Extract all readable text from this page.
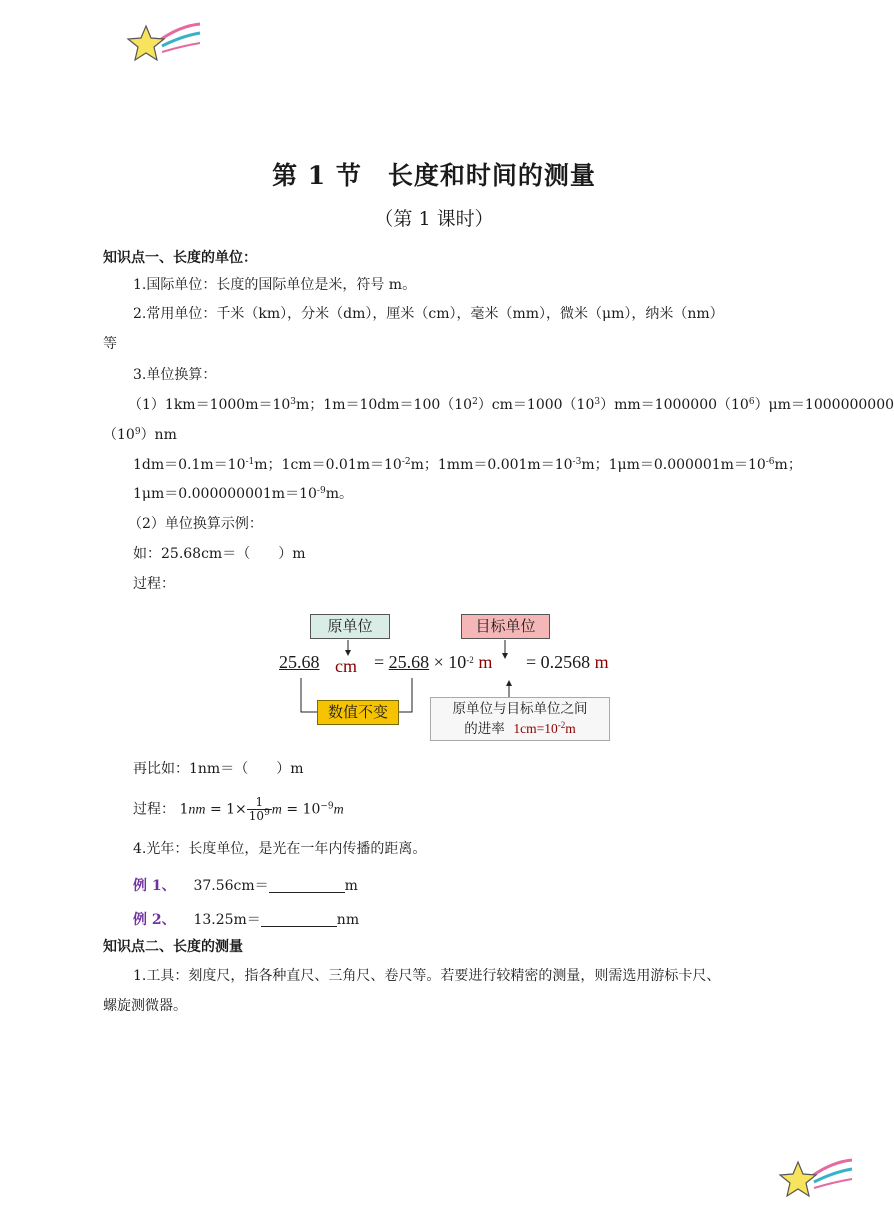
第 1 节　长度和时间的测量
（第 1 课时）
知识点一、长度的单位：
1.国际单位：长度的国际单位是米，符号 m。
2.常用单位：千米（km），分米（dm），厘米（cm），毫米（mm），微米（μm），纳米（nm）
等
3.单位换算：
$(1)1km=1000m=10^3m$；$1m=10dm=100(10^2)cm=1000(10^3)mm=1000000(10^6)\mu m=1000000000$
$(10^9)nm$
$1dm=0.1m=10^{-1}m$；$1cm=0.01m=10^{-2}m$；$1mm=0.001m=10^{-3}m$；$1\mu m=0.000001m=10^{-6}m$；
$1\mu m=0.000000001m=10^{-9}m$。
（2）单位换算示例：
如：25.68cm＝（　　）m
过程：
原单位	目标单位
25.68 cm = $25.68 \times 10^{-2}$ m = 0.2568 m
数值不变	原单位与目标单位之间
的进率 $1cm=10^{-2}m$
再比如：1nm＝（　　）m
过程： $1nm = 1\times \frac{1}{10^9}$ $m = 10^{-9}m$
4.光年：长度单位，是光在一年内传播的距离。
例 1、 37.56cm＝	m
例 2、 13.25m＝	nm
知识点二、长度的测量
1.工具：刻度尺，指各种直尺、三角尺、卷尺等。若要进行较精密的测量，则需选用游标卡尺、
螺旋测微器。
